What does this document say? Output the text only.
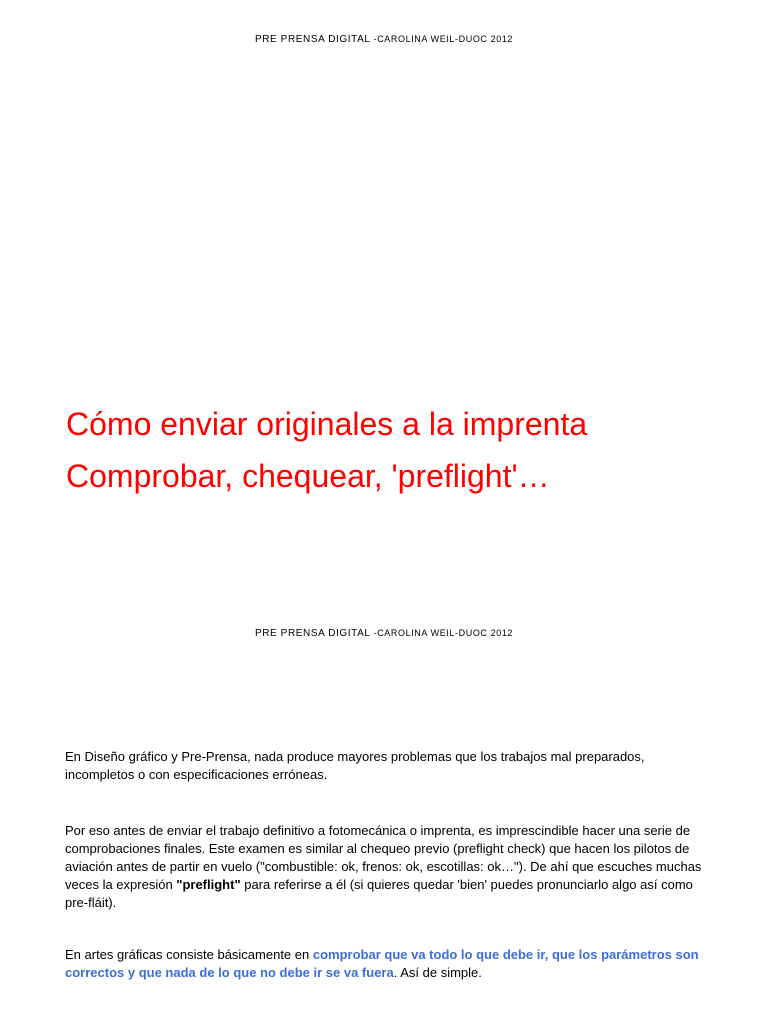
PRE PRENSA DIGITAL -CAROLINA WEIL-DUOC 2012
Cómo enviar originales a la imprenta
Comprobar, chequear, 'preflight'…
PRE PRENSA DIGITAL -CAROLINA WEIL-DUOC 2012

En Diseño gráfico y Pre-Prensa, nada produce mayores problemas que los trabajos mal preparados, incompletos o con especificaciones erróneas.

Por eso antes de enviar el trabajo definitivo a fotomecánica o imprenta, es imprescindible hacer una serie de comprobaciones finales. Este examen es similar al chequeo previo (preflight check) que hacen los pilotos de aviación antes de partir en vuelo ("combustible: ok, frenos: ok, escotillas: ok…"). De ahí que escuches muchas veces la expresión "preflight" para referirse a él (si quieres quedar 'bien' puedes pronunciarlo algo así como pre-fláit).

En artes gráficas consiste básicamente en comprobar que va todo lo que debe ir, que los parámetros son correctos y que nada de lo que no debe ir se va fuera. Así de simple.
